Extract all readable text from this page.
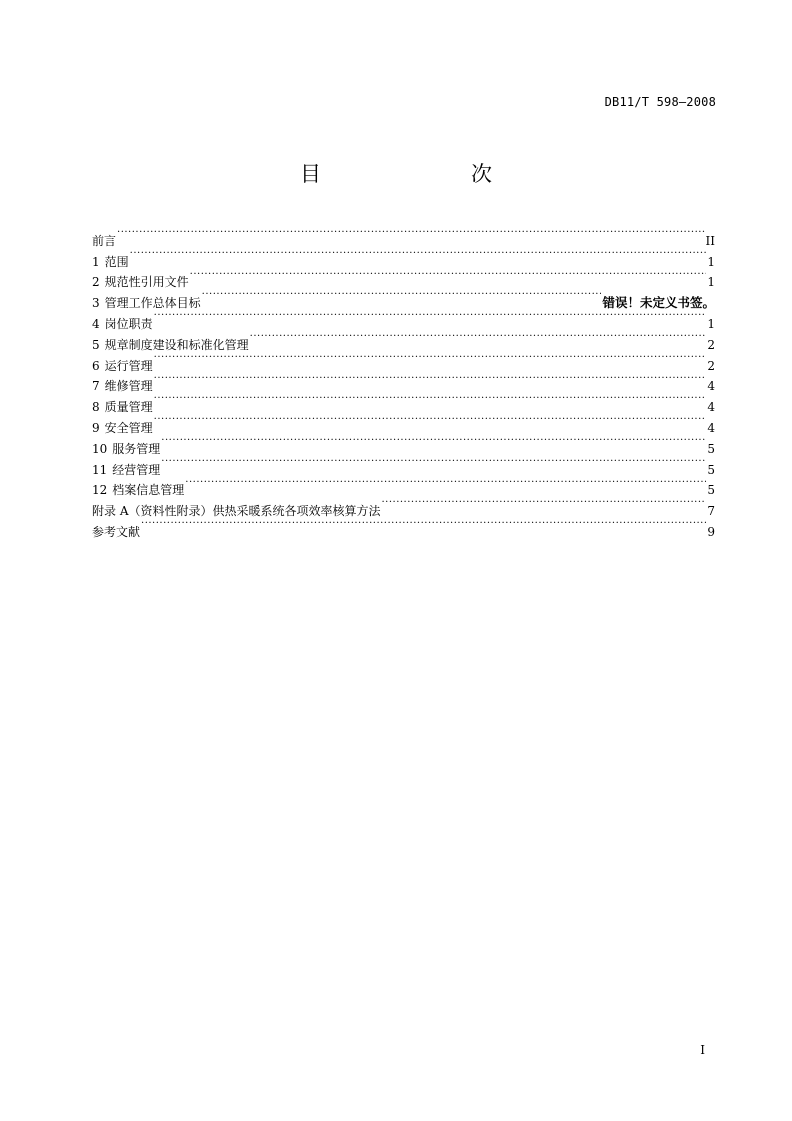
DB11/T 598—2008
目　　次
前言 .....	II
1 范围 .....	1
2 规范性引用文件 .....	1
3 管理工作总体目标 .....	错误！未定义书签。
4 岗位职责 .....	1
5 规章制度建设和标准化管理 .....	2
6 运行管理 .....	2
7 维修管理 .....	4
8 质量管理 .....	4
9 安全管理 .....	4
10 服务管理 .....	5
11 经营管理 .....	5
12 档案信息管理 .....	5
附录 A（资料性附录）供热采暖系统各项效率核算方法 .....	7
参考文献 .....	9
I
